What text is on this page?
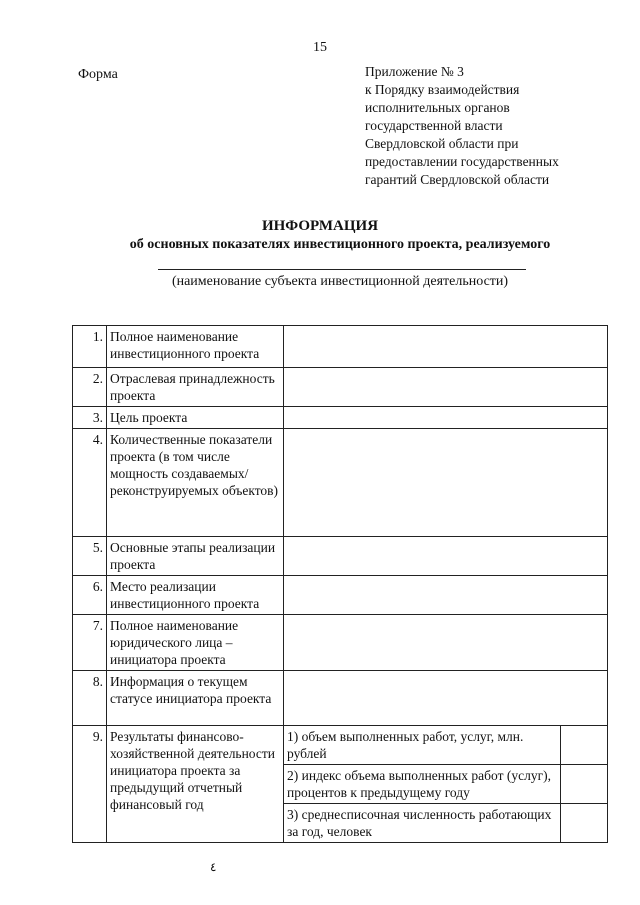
15
Форма	Приложение № 3
к Порядку взаимодействия
исполнительных органов
государственной власти
Свердловской области при
предоставлении государственных
гарантий Свердловской области
ИНФОРМАЦИЯ
об основных показателях инвестиционного проекта, реализуемого
(наименование субъекта инвестиционной деятельности)
1.	Полное наименование инвестиционного проекта		
2.	Отраслевая принадлежность проекта		
3.	Цель проекта		
4.	Количественные показатели проекта (в том числе мощность создаваемых/ реконструируемых объектов)		
5.	Основные этапы реализации проекта		
6.	Место реализации инвестиционного проекта		
7.	Полное наименование юридического лица – инициатора проекта		
8.	Информация о текущем статусе инициатора проекта		
9.	Результаты финансово-хозяйственной деятельности инициатора проекта за предыдущий отчетный финансовый год	1) объем выполненных работ, услуг, млн. рублей	
		2) индекс объема выполненных работ (услуг), процентов к предыдущему году	
		3) среднесписочная численность работающих за год, человек	
٤
